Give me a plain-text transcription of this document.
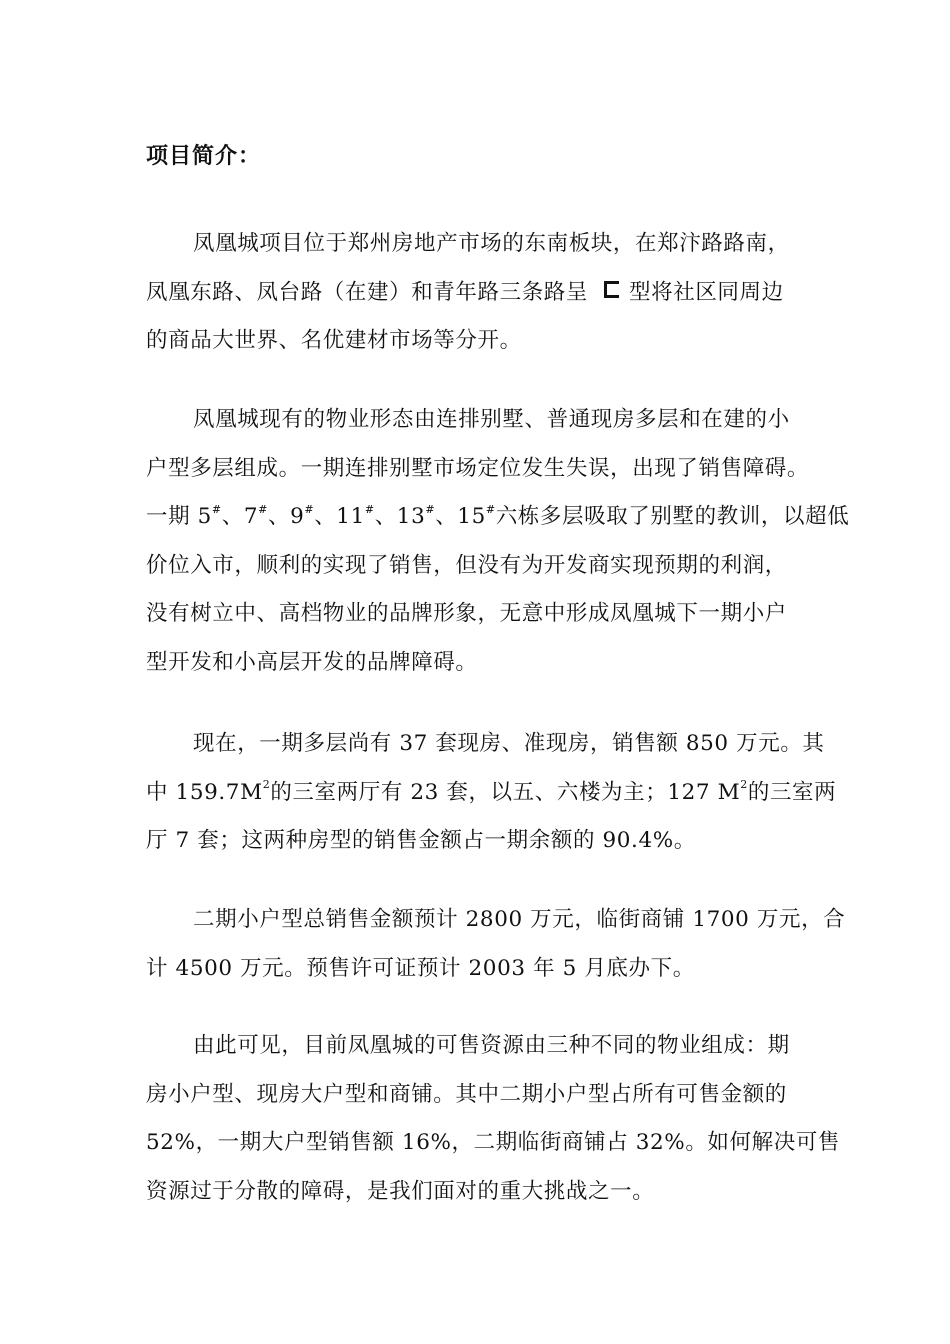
项目简介：
凤凰城项目位于郑州房地产市场的东南板块，在郑汴路路南，
凤凰东路、凤台路（在建）和青年路三条路呈 型将社区同周边
的商品大世界、名优建材市场等分开。
凤凰城现有的物业形态由连排别墅、普通现房多层和在建的小
户型多层组成。一期连排别墅市场定位发生失误，出现了销售障碍。
一期 5#、7#、9#、11#、13#、15#六栋多层吸取了别墅的教训，以超低
价位入市，顺利的实现了销售，但没有为开发商实现预期的利润，
没有树立中、高档物业的品牌形象，无意中形成凤凰城下一期小户
型开发和小高层开发的品牌障碍。
现在，一期多层尚有 37 套现房、准现房，销售额 850 万元。其
中 $159.7M^2$的三室两厅有 23 套，以五、六楼为主；127 $M^2$的三室两
厅 7 套；这两种房型的销售金额占一期余额的 90.4%。
二期小户型总销售金额预计 2800 万元，临街商铺 1700 万元，合
计 4500 万元。预售许可证预计 2003 年 5 月底办下。
由此可见，目前凤凰城的可售资源由三种不同的物业组成：期
房小户型、现房大户型和商铺。其中二期小户型占所有可售金额的
52%，一期大户型销售额 16%，二期临街商铺占 32%。如何解决可售
资源过于分散的障碍，是我们面对的重大挑战之一。
